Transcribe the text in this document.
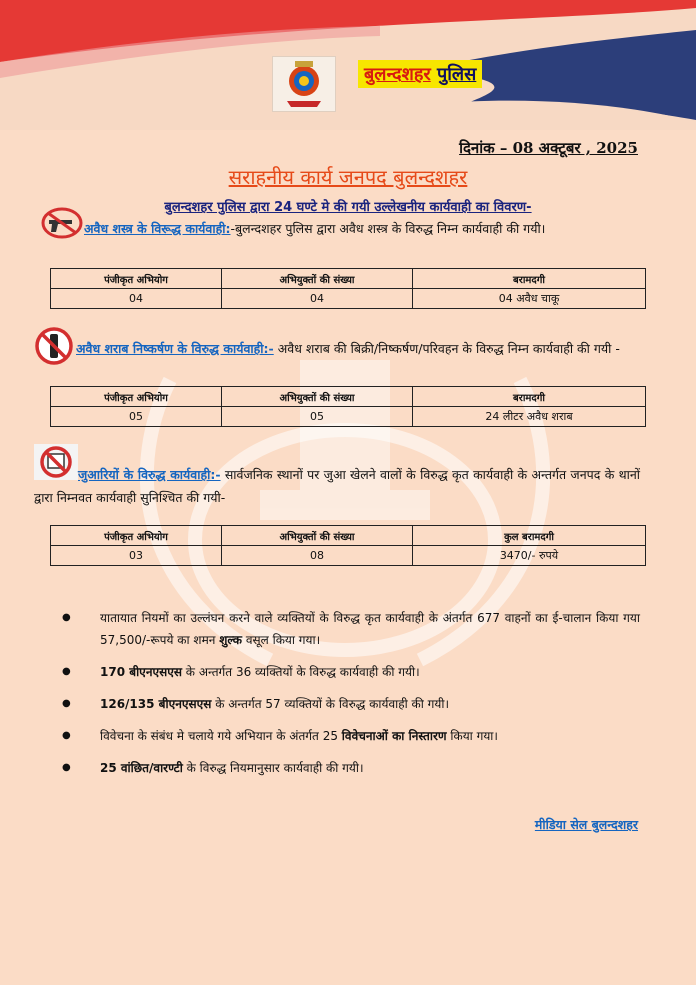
बुलन्दशहर पुलिस
दिनांक – 08 अक्टूबर , 2025
सराहनीय कार्य जनपद बुलन्दशहर
बुलन्दशहर पुलिस द्वारा 24 घण्टे मे की गयी उल्लेखनीय कार्यवाही का विवरण-
अवैध शस्त्र के विरूद्ध कार्यवाही:-बुलन्दशहर पुलिस द्वारा अवैध शस्त्र के विरुद्ध निम्न कार्यवाही की गयी।
पंजीकृत अभियोग	अभियुक्तों की संख्या	बरामदगी
04	04	04 अवैध चाकू
अवैध शराब निष्कर्षण के विरुद्ध कार्यवाही:- अवैध शराब की बिक्री/निष्कर्षण/परिवहन के विरुद्ध निम्न कार्यवाही की गयी -
पंजीकृत अभियोग	अभियुक्तों की संख्या	बरामदगी
05	05	24 लीटर अवैध शराब
जुआरियों के विरुद्ध कार्यवाही:- सार्वजनिक स्थानों पर जुआ खेलने वालों के विरुद्ध कृत कार्यवाही के अन्तर्गत जनपद के थानों द्वारा निम्नवत कार्यवाही सुनिश्चित की गयी-
पंजीकृत अभियोग	अभियुक्तों की संख्या	कुल बरामदगी
03	08	3470/- रुपये
● यातायात नियमों का उल्लंघन करने वाले व्यक्तियों के विरुद्ध कृत कार्यवाही के अंतर्गत 677 वाहनों का ई-चालान किया गया 57,500/-रूपये का शमन शुल्क वसूल किया गया।
● 170 बीएनएसएस के अन्तर्गत 36 व्यक्तियों के विरुद्ध कार्यवाही की गयी।
● 126/135 बीएनएसएस के अन्तर्गत 57 व्यक्तियों के विरुद्ध कार्यवाही की गयी।
● विवेचना के संबंध मे चलाये गये अभियान के अंतर्गत 25 विवेचनाओं का निस्तारण किया गया।
● 25 वांछित/वारण्टी के विरुद्ध नियमानुसार कार्यवाही की गयी।
मीडिया सेल बुलन्दशहर
